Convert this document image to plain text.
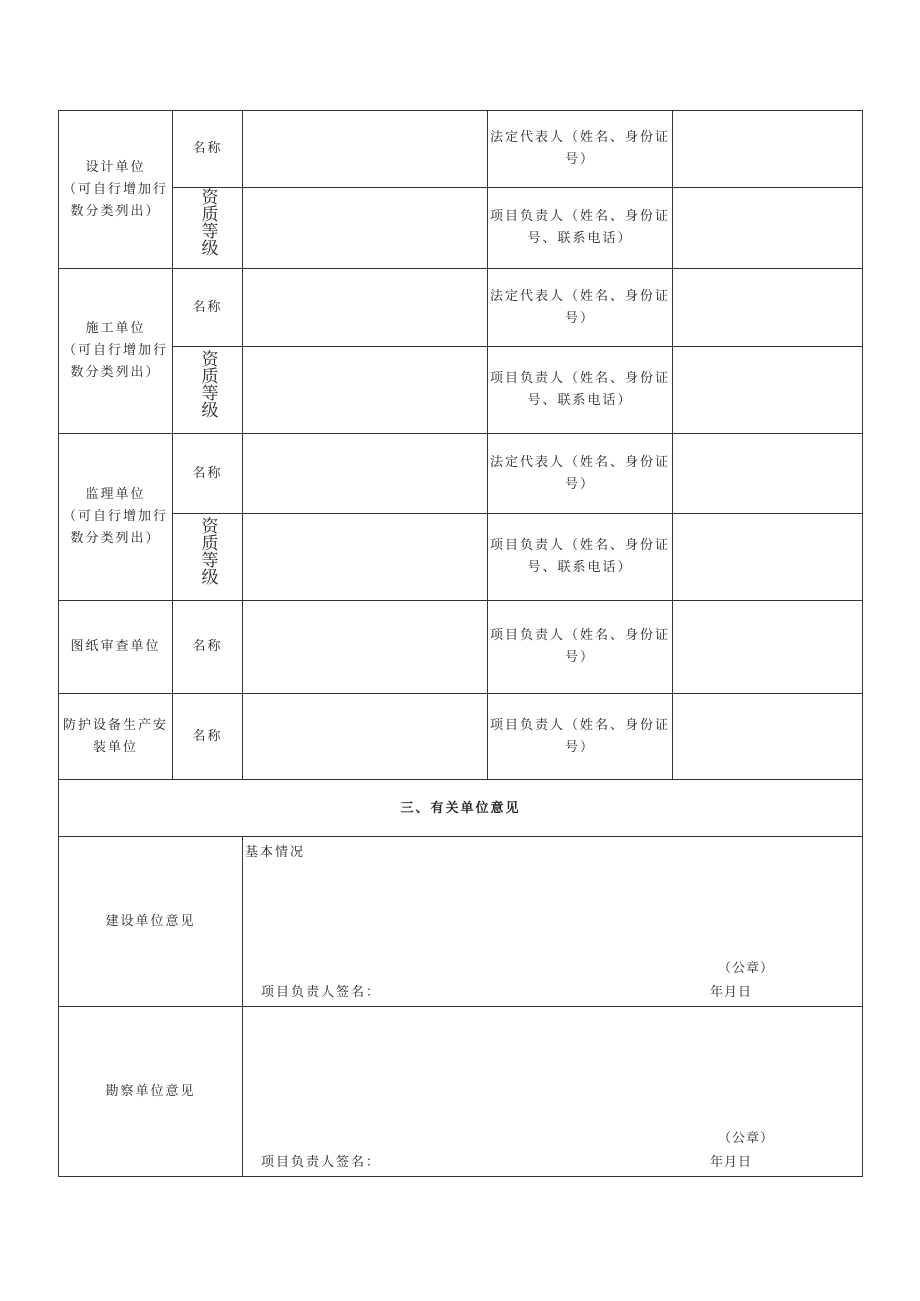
设计单位
（可自行增加行数分类列出）	名称		法定代表人（姓名、身份证号）	
	资质等级		项目负责人（姓名、身份证号、联系电话）	

施工单位
（可自行增加行数分类列出）	名称		法定代表人（姓名、身份证号）	
	资质等级		项目负责人（姓名、身份证号、联系电话）	

监理单位
（可自行增加行数分类列出）	名称		法定代表人（姓名、身份证号）	
	资质等级		项目负责人（姓名、身份证号、联系电话）	
图纸审查单位	名称		项目负责人（姓名、身份证号）	
防护设备生产安装单位	名称		项目负责人（姓名、身份证号）	
三、有关单位意见				
建设单位意见		基本情况
（公章）
项目负责人签名： 年月日		

勘察单位意见		（公章）
项目负责人签名： 年月日		
